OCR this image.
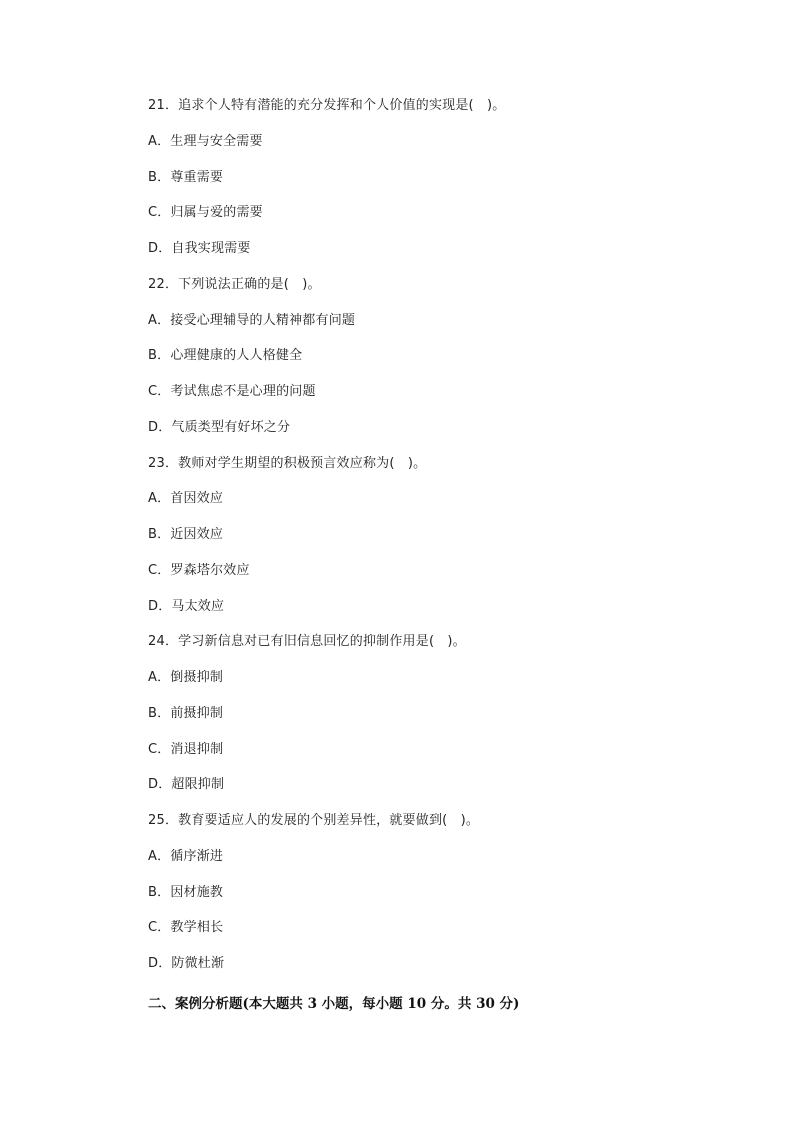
21．追求个人特有潜能的充分发挥和个人价值的实现是(　)。
A．生理与安全需要
B．尊重需要
C．归属与爱的需要
D．自我实现需要
22．下列说法正确的是(　)。
A．接受心理辅导的人精神都有问题
B．心理健康的人人格健全
C．考试焦虑不是心理的问题
D．气质类型有好坏之分
23．教师对学生期望的积极预言效应称为(　)。
A．首因效应
B．近因效应
C．罗森塔尔效应
D．马太效应
24．学习新信息对已有旧信息回忆的抑制作用是(　)。
A．倒摄抑制
B．前摄抑制
C．消退抑制
D．超限抑制
25．教育要适应人的发展的个别差异性，就要做到(　)。
A．循序渐进
B．因材施教
C．教学相长
D．防微杜渐
二、案例分析题(本大题共 3 小题，每小题 10 分。共 30 分)
